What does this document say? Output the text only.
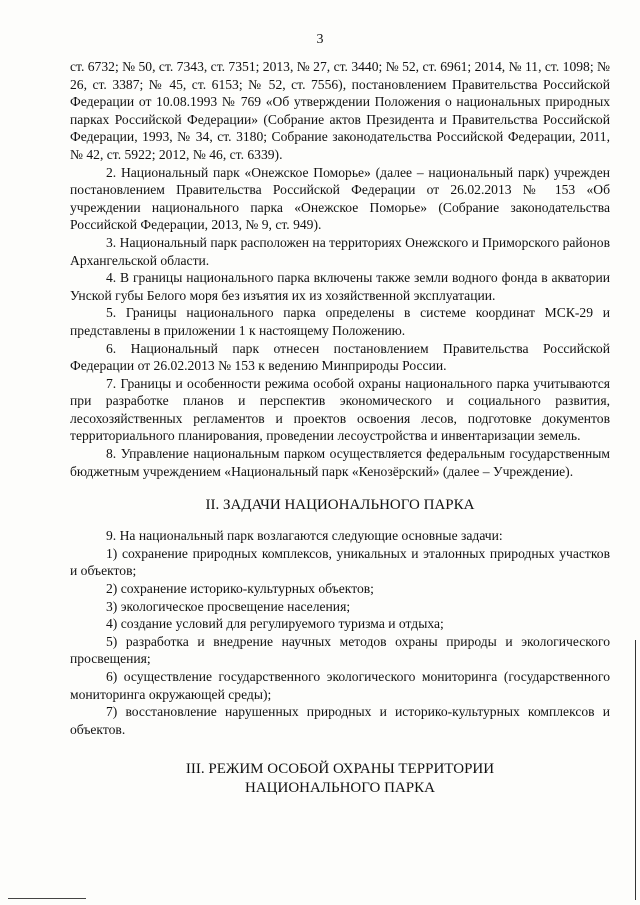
3

ст. 6732; № 50, ст. 7343, ст. 7351; 2013, № 27, ст. 3440; № 52, ст. 6961; 2014, № 11, ст. 1098; № 26, ст. 3387; № 45, ст. 6153; № 52, ст. 7556), постановлением Правительства Российской Федерации от 10.08.1993 № 769 «Об утверждении Положения о национальных природных парках Российской Федерации» (Собрание актов Президента и Правительства Российской Федерации, 1993, № 34, ст. 3180; Собрание законодательства Российской Федерации, 2011, № 42, ст. 5922; 2012, № 46, ст. 6339).

2. Национальный парк «Онежское Поморье» (далее – национальный парк) учрежден постановлением Правительства Российской Федерации от 26.02.2013 № 153 «Об учреждении национального парка «Онежское Поморье» (Собрание законодательства Российской Федерации, 2013, № 9, ст. 949).

3. Национальный парк расположен на территориях Онежского и Приморского районов Архангельской области.

4. В границы национального парка включены также земли водного фонда в акватории Унской губы Белого моря без изъятия их из хозяйственной эксплуатации.

5. Границы национального парка определены в системе координат МСК-29 и представлены в приложении 1 к настоящему Положению.

6. Национальный парк отнесен постановлением Правительства Российской Федерации от 26.02.2013 № 153 к ведению Минприроды России.

7. Границы и особенности режима особой охраны национального парка учитываются при разработке планов и перспектив экономического и социального развития, лесохозяйственных регламентов и проектов освоения лесов, подготовке документов территориального планирования, проведении лесоустройства и инвентаризации земель.

8. Управление национальным парком осуществляется федеральным государственным бюджетным учреждением «Национальный парк «Кенозёрский» (далее – Учреждение).

II. ЗАДАЧИ НАЦИОНАЛЬНОГО ПАРКА

9. На национальный парк возлагаются следующие основные задачи:

1) сохранение природных комплексов, уникальных и эталонных природных участков и объектов;

2) сохранение историко-культурных объектов;

3) экологическое просвещение населения;

4) создание условий для регулируемого туризма и отдыха;

5) разработка и внедрение научных методов охраны природы и экологического просвещения;

6) осуществление государственного экологического мониторинга (государственного мониторинга окружающей среды);

7) восстановление нарушенных природных и историко-культурных комплексов и объектов.

III. РЕЖИМ ОСОБОЙ ОХРАНЫ ТЕРРИТОРИИ

НАЦИОНАЛЬНОГО ПАРКА
